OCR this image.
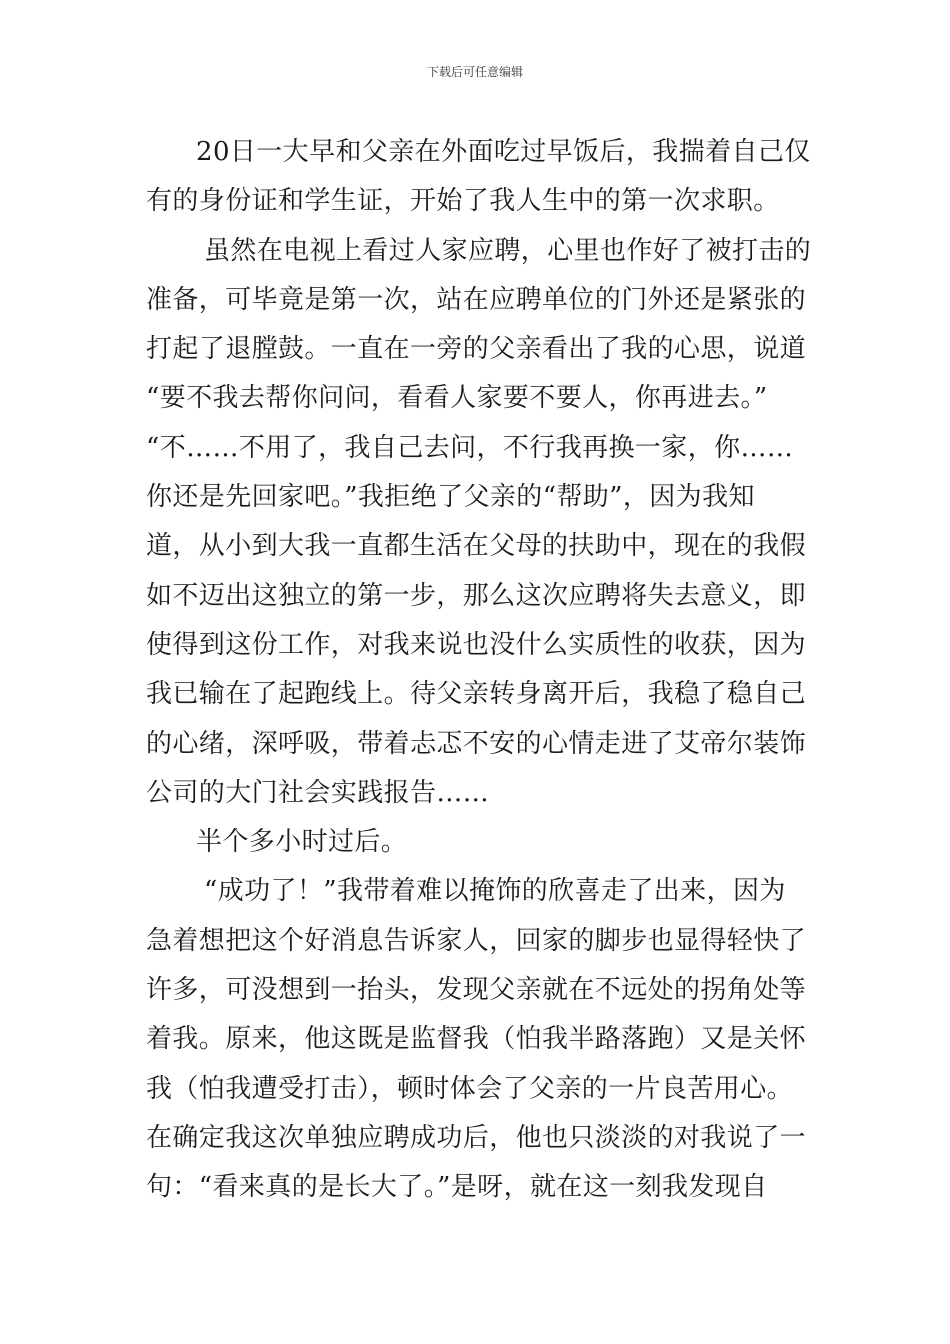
下载后可任意编辑
20日一大早和父亲在外面吃过早饭后，我揣着自己仅
有的身份证和学生证，开始了我人生中的第一次求职。
虽然在电视上看过人家应聘，心里也作好了被打击的
准备，可毕竟是第一次，站在应聘单位的门外还是紧张的
打起了退膛鼓。一直在一旁的父亲看出了我的心思，说道
“要不我去帮你问问，看看人家要不要人，你再进去。”
“不……不用了，我自己去问，不行我再换一家，你……
你还是先回家吧。”我拒绝了父亲的“帮助”，因为我知
道，从小到大我一直都生活在父母的扶助中，现在的我假
如不迈出这独立的第一步，那么这次应聘将失去意义，即
使得到这份工作，对我来说也没什么实质性的收获，因为
我已输在了起跑线上。待父亲转身离开后，我稳了稳自己
的心绪，深呼吸，带着忐忑不安的心情走进了艾帝尔装饰
公司的大门社会实践报告……
半个多小时过后。
“成功了！”我带着难以掩饰的欣喜走了出来，因为
急着想把这个好消息告诉家人，回家的脚步也显得轻快了
许多，可没想到一抬头，发现父亲就在不远处的拐角处等
着我。原来，他这既是监督我（怕我半路落跑）又是关怀
我（怕我遭受打击），顿时体会了父亲的一片良苦用心。
在确定我这次单独应聘成功后，他也只淡淡的对我说了一
句：“看来真的是长大了。”是呀，就在这一刻我发现自
